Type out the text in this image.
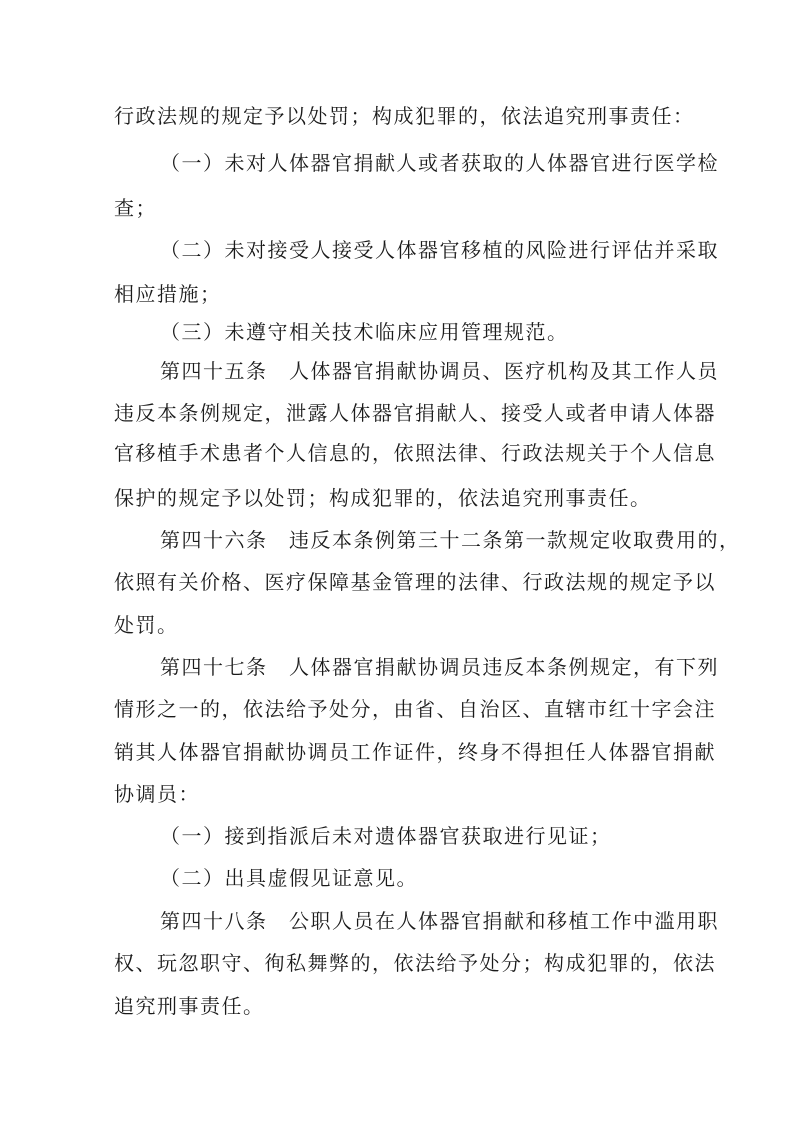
行政法规的规定予以处罚；构成犯罪的，依法追究刑事责任：
（一）未对人体器官捐献人或者获取的人体器官进行医学检
查；
（二）未对接受人接受人体器官移植的风险进行评估并采取
相应措施；
（三）未遵守相关技术临床应用管理规范。
第四十五条　人体器官捐献协调员、医疗机构及其工作人员
违反本条例规定，泄露人体器官捐献人、接受人或者申请人体器
官移植手术患者个人信息的，依照法律、行政法规关于个人信息
保护的规定予以处罚；构成犯罪的，依法追究刑事责任。
第四十六条　违反本条例第三十二条第一款规定收取费用的，
依照有关价格、医疗保障基金管理的法律、行政法规的规定予以
处罚。
第四十七条　人体器官捐献协调员违反本条例规定，有下列
情形之一的，依法给予处分，由省、自治区、直辖市红十字会注
销其人体器官捐献协调员工作证件，终身不得担任人体器官捐献
协调员：
（一）接到指派后未对遗体器官获取进行见证；
（二）出具虚假见证意见。
第四十八条　公职人员在人体器官捐献和移植工作中滥用职
权、玩忽职守、徇私舞弊的，依法给予处分；构成犯罪的，依法
追究刑事责任。
